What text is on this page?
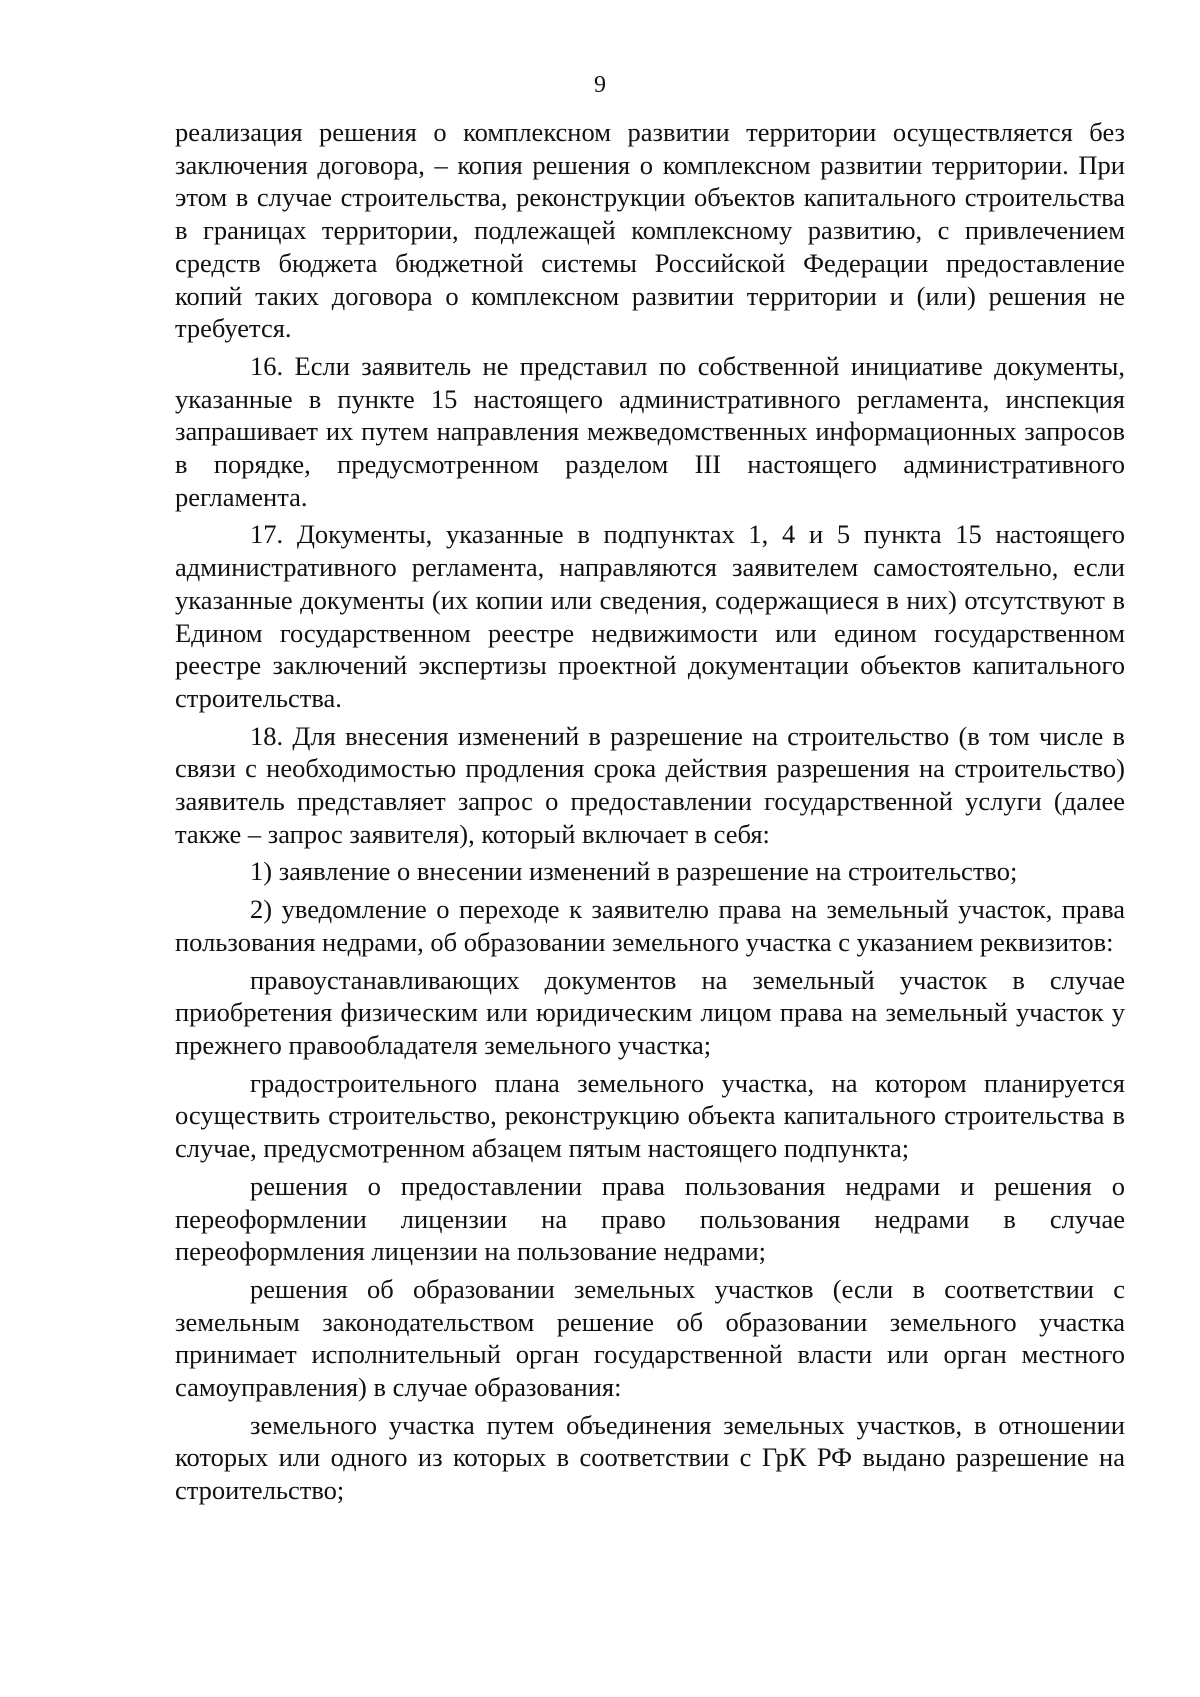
9

реализация решения о комплексном развитии территории осуществляется без заключения договора, – копия решения о комплексном развитии территории. При этом в случае строительства, реконструкции объектов капитального строительства в границах территории, подлежащей комплексному развитию, с привлечением средств бюджета бюджетной системы Российской Федерации предоставление копий таких договора о комплексном развитии территории и (или) решения не требуется.

16. Если заявитель не представил по собственной инициативе документы, указанные в пункте 15 настоящего административного регламента, инспекция запрашивает их путем направления межведомственных информационных запросов в порядке, предусмотренном разделом III настоящего административного регламента.

17. Документы, указанные в подпунктах 1, 4 и 5 пункта 15 настоящего административного регламента, направляются заявителем самостоятельно, если указанные документы (их копии или сведения, содержащиеся в них) отсутствуют в Едином государственном реестре недвижимости или едином государственном реестре заключений экспертизы проектной документации объектов капитального строительства.

18. Для внесения изменений в разрешение на строительство (в том числе в связи с необходимостью продления срока действия разрешения на строительство) заявитель представляет запрос о предоставлении государственной услуги (далее также – запрос заявителя), который включает в себя:

1) заявление о внесении изменений в разрешение на строительство;

2) уведомление о переходе к заявителю права на земельный участок, права пользования недрами, об образовании земельного участка с указанием реквизитов:

правоустанавливающих документов на земельный участок в случае приобретения физическим или юридическим лицом права на земельный участок у прежнего правообладателя земельного участка;

градостроительного плана земельного участка, на котором планируется осуществить строительство, реконструкцию объекта капитального строительства в случае, предусмотренном абзацем пятым настоящего подпункта;

решения о предоставлении права пользования недрами и решения о переоформлении лицензии на право пользования недрами в случае переоформления лицензии на пользование недрами;

решения об образовании земельных участков (если в соответствии с земельным законодательством решение об образовании земельного участка принимает исполнительный орган государственной власти или орган местного самоуправления) в случае образования:

земельного участка путем объединения земельных участков, в отношении которых или одного из которых в соответствии с ГрК РФ выдано разрешение на строительство;
